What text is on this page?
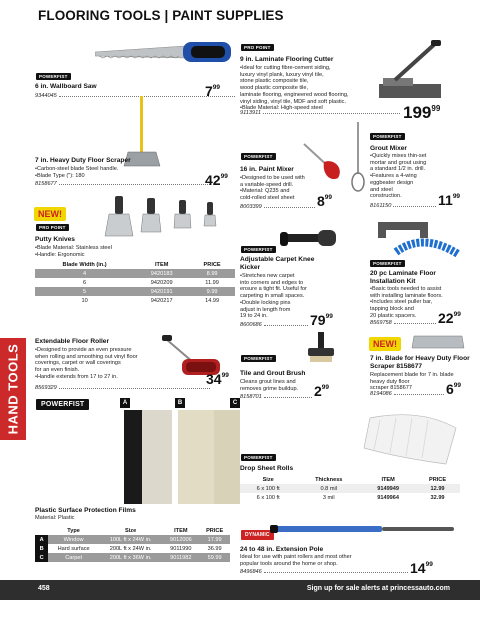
FLOORING TOOLS | PAINT SUPPLIES
HAND TOOLS
POWERFIST
6 in. Wallboard Saw
9344045	7 99
7 in. Heavy Duty Floor Scraper
•Carbon-steel blade Steel handle.
•Blade Type ("): 180
8158677	42 99
NEW!
PRO POINT
Putty Knives
•Blade Material: Stainless steel
•Handle: Ergonomic
Blade Width (in.)	ITEM	PRICE
4	9420183	8.99
6	9420209	11.99
5	9420191	9.99
10	9420217	14.99
Extendable Floor Roller
•Designed to provide an even pressure
when rolling and smoothing out vinyl floor
coverings, carpet or wall coverings
for an even finish.
•Handle extends from 17 to 27 in.
8569329
34 99
POWERFIST	A	B	C
Plastic Surface Protection Films
Material: Plastic
	Type	Size	ITEM	PRICE
A	Window	100L ft x 24W in.	9012006	17.99
B	Hard surface	200L ft x 24W in.	9011990	36.99
C	Carpet	200L ft x 36W in.	9011982	59.99
PRO POINT
9 in. Laminate Flooring Cutter
•Ideal for cutting fibre-cement siding,
luxury vinyl plank, luxury vinyl tile,
stone plastic composite tile,
wood plastic composite tile,
laminate flooring, engineered wood flooring,
vinyl siding, vinyl tile, MDF and soft plastic.
•Blade Material: High-speed steel
9113911	199 99
POWERFIST
16 in. Paint Mixer
•Designed to be used with
a variable-speed drill.
•Material: Q235 and
cold-rolled steel sheet
8003399	8 99
POWERFIST
Grout Mixer
•Quickly mixes thin-set
mortar and grout using
a standard 1/2 in. drill.
•Features a 4-wing
eggbeater design
and steel
construction.
8161150	11 99
POWERFIST
Adjustable Carpet Knee Kicker
•Stretches new carpet
into corners and edges to
ensure a tight fit. Useful for
carpeting in small spaces.
•Double locking pins
adjust in length from
19 to 24 in.
8600686	79 99
POWERFIST
20 pc Laminate Floor Installation Kit
•Basic tools needed to assist
with installing laminate floors.
•Includes steel puller bar,
tapping block and
20 plastic spacers.
8569758	22 99
POWERFIST
Tile and Grout Brush
Cleans grout lines and
removes grime buildup.
8158701	2 99
NEW!
7 in. Blade for Heavy Duty Floor Scraper 8158677
Replacement blade for 7 in. blade
heavy duty floor
scraper 8158677
8194086	6 99
POWERFIST
Drop Sheet Rolls
Size	Thickness	ITEM	PRICE
6 x 100 ft	0.8 mil	9149949	12.99
6 x 100 ft	3 mil	9149964	32.99
DYNAMIC
24 to 48 in. Extension Pole
Ideal for use with paint rollers and most other
popular tools around the home or shop.
8496846	14 99
458	Sign up for sale alerts at princessauto.com
